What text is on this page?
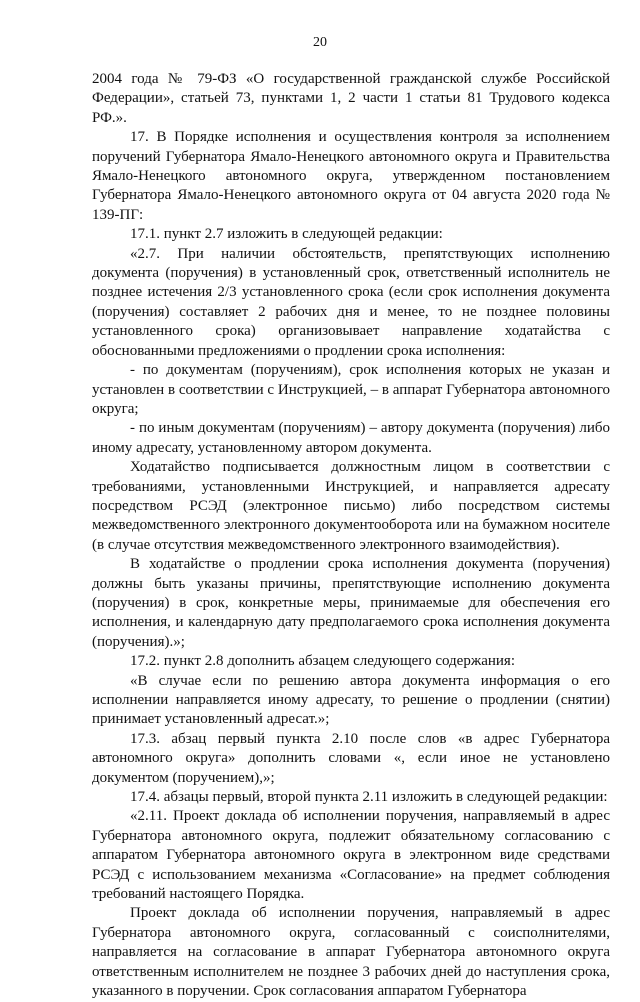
20

2004 года № 79-ФЗ «О государственной гражданской службе Российской Федерации», статьей 73, пунктами 1, 2 части 1 статьи 81 Трудового кодекса РФ.».

17. В Порядке исполнения и осуществления контроля за исполнением поручений Губернатора Ямало-Ненецкого автономного округа и Правительства Ямало-Ненецкого автономного округа, утвержденном постановлением Губернатора Ямало-Ненецкого автономного округа от 04 августа 2020 года № 139-ПГ:

17.1. пункт 2.7 изложить в следующей редакции:

«2.7. При наличии обстоятельств, препятствующих исполнению документа (поручения) в установленный срок, ответственный исполнитель не позднее истечения 2/3 установленного срока (если срок исполнения документа (поручения) составляет 2 рабочих дня и менее, то не позднее половины установленного срока) организовывает направление ходатайства с обоснованными предложениями о продлении срока исполнения:

- по документам (поручениям), срок исполнения которых не указан и установлен в соответствии с Инструкцией, – в аппарат Губернатора автономного округа;

- по иным документам (поручениям) – автору документа (поручения) либо иному адресату, установленному автором документа.

Ходатайство подписывается должностным лицом в соответствии с требованиями, установленными Инструкцией, и направляется адресату посредством РСЭД (электронное письмо) либо посредством системы межведомственного электронного документооборота или на бумажном носителе (в случае отсутствия межведомственного электронного взаимодействия).

В ходатайстве о продлении срока исполнения документа (поручения) должны быть указаны причины, препятствующие исполнению документа (поручения) в срок, конкретные меры, принимаемые для обеспечения его исполнения, и календарную дату предполагаемого срока исполнения документа (поручения).»;

17.2. пункт 2.8 дополнить абзацем следующего содержания:

«В случае если по решению автора документа информация о его исполнении направляется иному адресату, то решение о продлении (снятии) принимает установленный адресат.»;

17.3. абзац первый пункта 2.10 после слов «в адрес Губернатора автономного округа» дополнить словами «, если иное не установлено документом (поручением),»;

17.4. абзацы первый, второй пункта 2.11 изложить в следующей редакции:

«2.11. Проект доклада об исполнении поручения, направляемый в адрес Губернатора автономного округа, подлежит обязательному согласованию с аппаратом Губернатора автономного округа в электронном виде средствами РСЭД с использованием механизма «Согласование» на предмет соблюдения требований настоящего Порядка.

Проект доклада об исполнении поручения, направляемый в адрес Губернатора автономного округа, согласованный с соисполнителями, направляется на согласование в аппарат Губернатора автономного округа ответственным исполнителем не позднее 3 рабочих дней до наступления срока, указанного в поручении. Срок согласования аппаратом Губернатора
